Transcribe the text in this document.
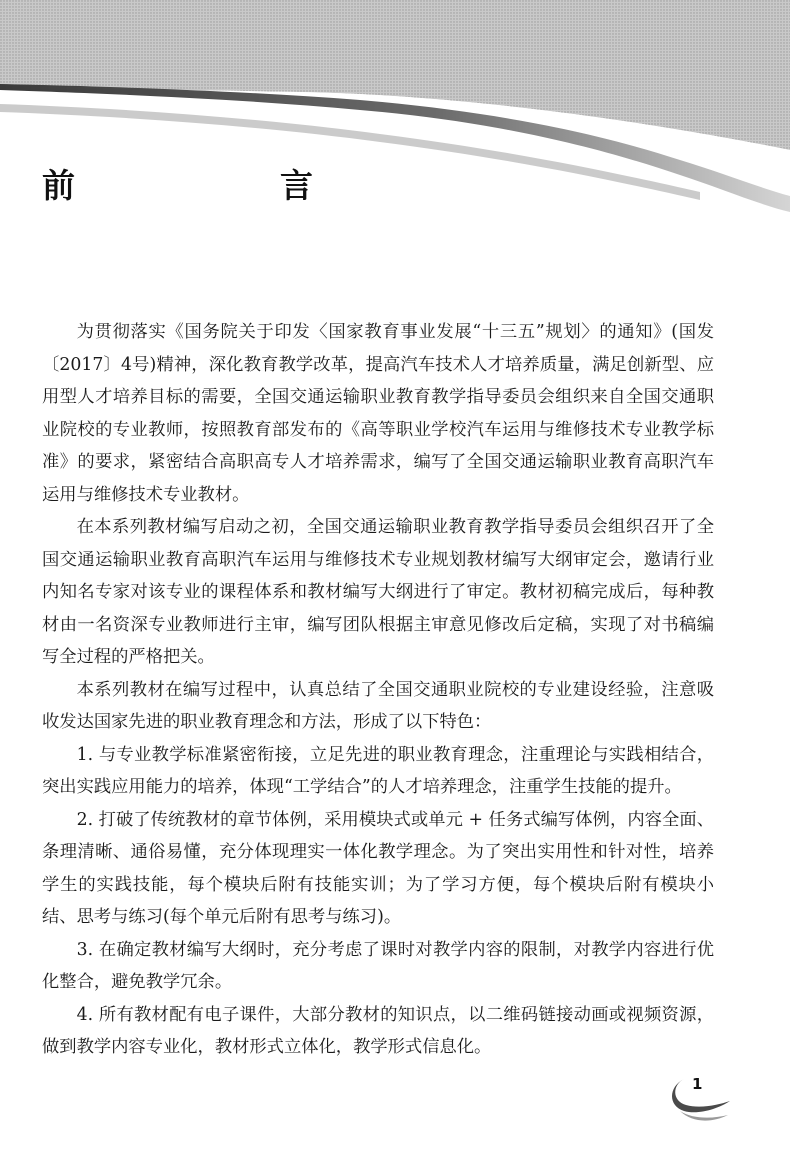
前　言

为贯彻落实《国务院关于印发〈国家教育事业发展“十三五”规划〉的通知》(国发〔2017〕4号)精神，深化教育教学改革，提高汽车技术人才培养质量，满足创新型、应用型人才培养目标的需要，全国交通运输职业教育教学指导委员会组织来自全国交通职业院校的专业教师，按照教育部发布的《高等职业学校汽车运用与维修技术专业教学标准》的要求，紧密结合高职高专人才培养需求，编写了全国交通运输职业教育高职汽车运用与维修技术专业教材。

在本系列教材编写启动之初，全国交通运输职业教育教学指导委员会组织召开了全国交通运输职业教育高职汽车运用与维修技术专业规划教材编写大纲审定会，邀请行业内知名专家对该专业的课程体系和教材编写大纲进行了审定。教材初稿完成后，每种教材由一名资深专业教师进行主审，编写团队根据主审意见修改后定稿，实现了对书稿编写全过程的严格把关。

本系列教材在编写过程中，认真总结了全国交通职业院校的专业建设经验，注意吸收发达国家先进的职业教育理念和方法，形成了以下特色：

1. 与专业教学标准紧密衔接，立足先进的职业教育理念，注重理论与实践相结合，突出实践应用能力的培养，体现“工学结合”的人才培养理念，注重学生技能的提升。

2. 打破了传统教材的章节体例，采用模块式或单元 + 任务式编写体例，内容全面、条理清晰、通俗易懂，充分体现理实一体化教学理念。为了突出实用性和针对性，培养学生的实践技能，每个模块后附有技能实训；为了学习方便，每个模块后附有模块小结、思考与练习(每个单元后附有思考与练习)。

3. 在确定教材编写大纲时，充分考虑了课时对教学内容的限制，对教学内容进行优化整合，避免教学冗余。

4. 所有教材配有电子课件，大部分教材的知识点，以二维码链接动画或视频资源，做到教学内容专业化，教材形式立体化，教学形式信息化。

1
